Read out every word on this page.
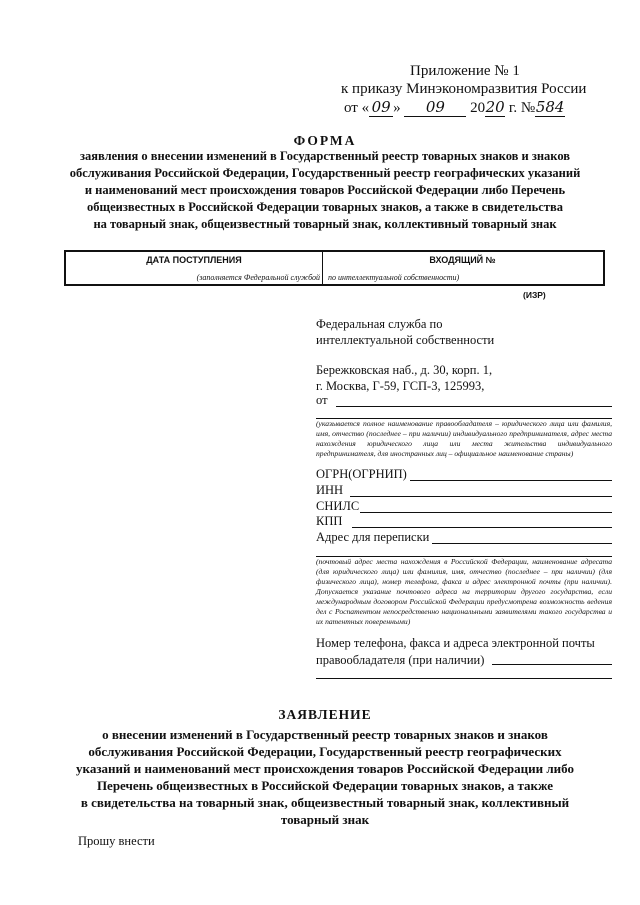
Приложение № 1
к приказу Минэкономразвития России
от « 09 » 09 2020 г. №584
ФОРМА
заявления о внесении изменений в Государственный реестр товарных знаков и знаков
обслуживания Российской Федерации, Государственный реестр географических указаний
и наименований мест происхождения товаров Российской Федерации либо Перечень
общеизвестных в Российской Федерации товарных знаков, а также в свидетельства
на товарный знак, общеизвестный товарный знак, коллективный товарный знак
ДАТА ПОСТУПЛЕНИЯ
(заполняется Федеральной службой
ВХОДЯЩИЙ №
по интеллектуальной собственности)
(ИЗР)
Федеральная служба по
интеллектуальной собственности
Бережковская наб., д. 30, корп. 1,
г. Москва, Г-59, ГСП-3, 125993,
от
(указывается полное наименование правообладателя – юридического лица или фамилия, имя, отчество (последнее – при наличии) индивидуального предпринимателя, адрес места нахождения юридического лица или места жительства индивидуального предпринимателя, для иностранных лиц – официальное наименование страны)
ОГРН(ОГРНИП)
ИНН
СНИЛС
КПП
Адрес для переписки
(почтовый адрес места нахождения в Российской Федерации, наименование адресата (для юридического лица) или фамилия, имя, отчество (последнее – при наличии) (для физического лица), номер телефона, факса и адрес электронной почты (при наличии). Допускается указание почтового адреса на территории другого государства, если международным договором Российской Федерации предусмотрена возможность ведения дел с Роспатентом непосредственно национальными заявителями такого государства и их патентных поверенными)
Номер телефона, факса и адреса электронной почты
правообладателя (при наличии)
ЗАЯВЛЕНИЕ
о внесении изменений в Государственный реестр товарных знаков и знаков
обслуживания Российской Федерации, Государственный реестр географических
указаний и наименований мест происхождения товаров Российской Федерации либо
Перечень общеизвестных в Российской Федерации товарных знаков, а также
в свидетельства на товарный знак, общеизвестный товарный знак, коллективный
товарный знак
Прошу внести
